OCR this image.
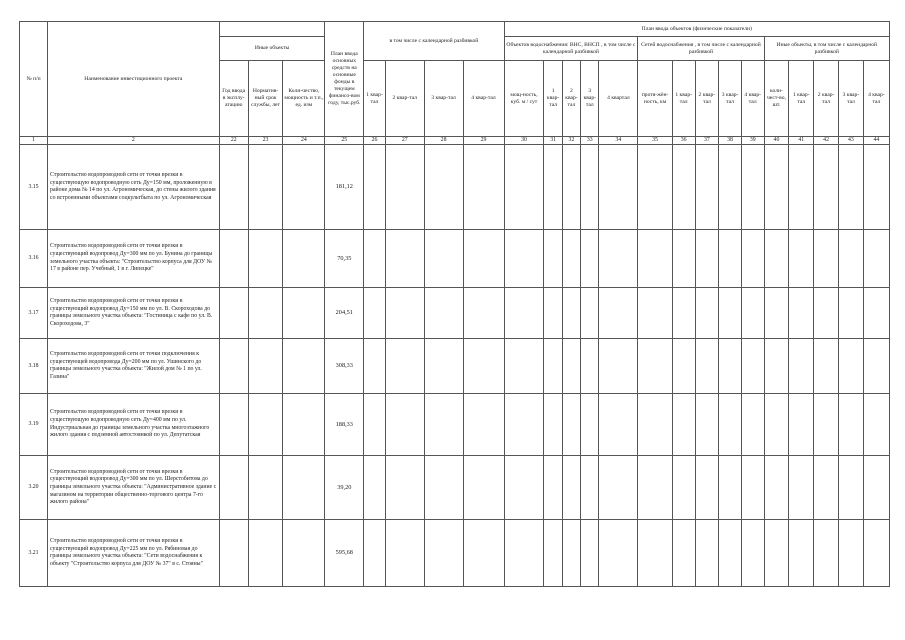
№ п/п	Наименование инвестиционного проекта				План ввода основных средств на основные фонды в текущем финансо-вом году, тыс.руб.	в том числе с календарной разбивкой				План ввода объектов (физические показатели)														
		Иные объекты								Объектов водоснабжения: ВНС, ВНСП , в том числе с календарной разбивкой					Сетей водоснабжения , в том числе с календарной разбивкой					Иные объекты, в том числе с календарной разбивкой				
		Год ввода в эксплу-атацию	Норматив-ный срок службы, лет	Коли-чество, мощность и т.п., ед. изм		1 квар-тал	2 квар-тал	3 квар-тал	4 квар-тал	мощ-ность, куб. м / сут	1 квар-тал	2 квар-тал	3 квар-тал	4 квартал	протя-жён-ность, км	1 квар-тал	2 квар-тал	3 квар-тал	4 квар-тал	коли-чест-во, шт.	1 квар-тал	2 квар-тал	3 квар-тал	4 квар-тал
1	2	22	23	24	25	26	27	28	29	30	31	32	33	34	35	36	37	38	39	40	41	42	43	44
3.15	Строительство водопроводной сети от точки врезки в существующую водопроводную сеть Ду=150 мм, проложенную в районе дома № 14 по ул. Агрономическая, до стены жилого здания со встроенными объектами соцкультбыта по ул. Агрономическая				181,12																			
3.16	Строительство водопроводной сети от точки врезки в существующий водопровод Ду=300 мм по ул. Бунина до границы земельного участка объекта: "Строительство корпуса для ДОУ № 17 в районе пер. Учебный, 1 в г. Липецке"				70,35																			
3.17	Строительство водопроводной сети от точки врезки в существующий водопровод Ду=150 мм по ул. В. Скороходова до границы земельного участка объекта: "Гостиница с кафе по ул. В. Скороходова, 3"				204,51																			
3.18	Строительство водопроводной сети от точки подключения к существующей водопровода Ду=200 мм по ул. Ушинского до границы земельного участка объекта: "Жилой дом № 1 по ул. Газина"				308,33																			
3.19	Строительство водопроводной сети от точки врезки в существующую водопроводную сеть Ду=400 мм по ул. Индустриальная до границы земельного участка многоэтажного жилого здания с подземной автостоянкой по ул. Депутатская				188,33																			
3.20	Строительство водопроводной сети от точки врезки в существующий водопровод Ду=300 мм по ул. Шерстобитова до границы земельного участка объекта: "Административное здание с магазином на территории общественно-торгового центра 7-го жилого района"				39,20																			
3.21	Строительство водопроводной сети от точки врезки в существующий водопровод Ду=225 мм по ул. Рябиновая до границы земельного участка объекта: "Сети водоснабжения к объекту "Строительство корпуса для ДОУ № 37" в с. Стояны"				595,68																			
